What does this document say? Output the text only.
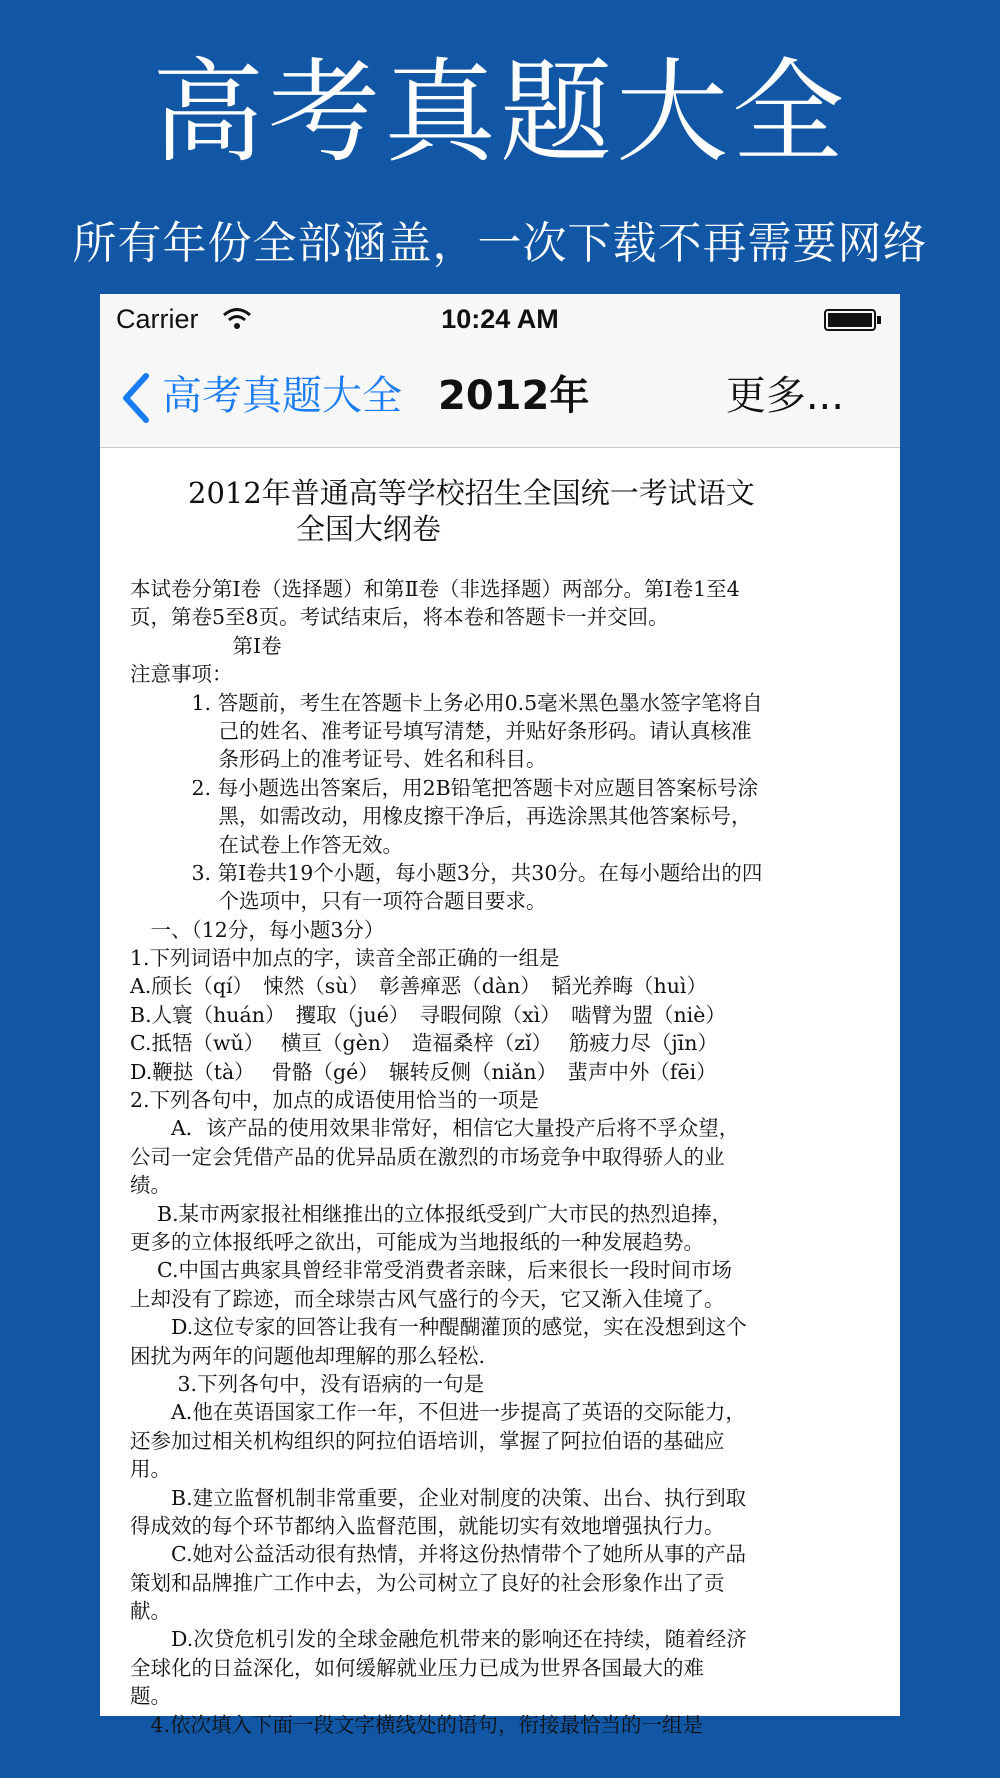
高考真题大全
所有年份全部涵盖，一次下载不再需要网络
Carrier	10:24 AM
高考真题大全 2012年	更多...
2012年普通高等学校招生全国统一考试语文
全国大纲卷
本试卷分第Ⅰ卷（选择题）和第Ⅱ卷（非选择题）两部分。第Ⅰ卷1至4
页，第卷5至8页。考试结束后，将本卷和答题卡一并交回。
　　　　　第Ⅰ卷
注意事项：
　　　1. 答题前，考生在答题卡上务必用0.5毫米黑色墨水签字笔将自
　　　　 己的姓名、准考证号填写清楚，并贴好条形码。请认真核准
　　　　 条形码上的准考证号、姓名和科目。
　　　2. 每小题选出答案后，用2B铅笔把答题卡对应题目答案标号涂
　　　　 黑，如需改动，用橡皮擦干净后，再选涂黑其他答案标号，
　　　　 在试卷上作答无效。
　　　3. 第Ⅰ卷共19个小题，每小题3分，共30分。在每小题给出的四
　　　　 个选项中，只有一项符合题目要求。
　一、（12分，每小题3分）
1.下列词语中加点的字，读音全部正确的一组是
A.颀长（qí）　悚然（sù）　彰善瘅恶（dàn）　韬光养晦（huì）
B.人寰（huán）　攫取（jué）　寻暇伺隙（xì）　啮臂为盟（niè）
C.抵牾（wǔ）　 横亘（gèn）　造福桑梓（zǐ）　 筋疲力尽（jīn）
D.鞭挞（tà）　 骨骼（gé）　辗转反侧（niǎn）　蜚声中外（fēi）
2.下列各句中，加点的成语使用恰当的一项是
　　A．该产品的使用效果非常好，相信它大量投产后将不孚众望，
公司一定会凭借产品的优异品质在激烈的市场竞争中取得骄人的业
绩。
　 B.某市两家报社相继推出的立体报纸受到广大市民的热烈追捧，
更多的立体报纸呼之欲出，可能成为当地报纸的一种发展趋势。
　 C.中国古典家具曾经非常受消费者亲睐，后来很长一段时间市场
上却没有了踪迹，而全球崇古风气盛行的今天，它又渐入佳境了。
　　D.这位专家的回答让我有一种醍醐灌顶的感觉，实在没想到这个
困扰为两年的问题他却理解的那么轻松.
　　 3.下列各句中，没有语病的一句是
　　A.他在英语国家工作一年，不但进一步提高了英语的交际能力，
还参加过相关机构组织的阿拉伯语培训，掌握了阿拉伯语的基础应
用。
　　B.建立监督机制非常重要，企业对制度的决策、出台、执行到取
得成效的每个环节都纳入监督范围，就能切实有效地增强执行力。
　　C.她对公益活动很有热情，并将这份热情带个了她所从事的产品
策划和品牌推广工作中去，为公司树立了良好的社会形象作出了贡
献。
　　D.次贷危机引发的全球金融危机带来的影响还在持续，随着经济
全球化的日益深化，如何缓解就业压力已成为世界各国最大的难
题。
　4.依次填入下面一段文字横线处的语句，衔接最恰当的一组是
